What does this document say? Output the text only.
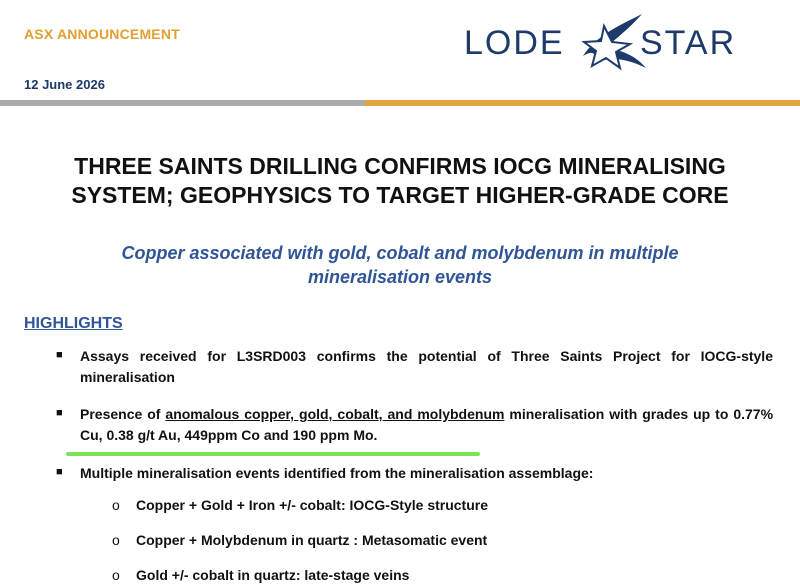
ASX ANNOUNCEMENT
12 June 2026
LODE STAR
THREE SAINTS DRILLING CONFIRMS IOCG MINERALISING
SYSTEM; GEOPHYSICS TO TARGET HIGHER-GRADE CORE
Copper associated with gold, cobalt and molybdenum in multiple
mineralisation events
HIGHLIGHTS
■ Assays received for L3SRD003 confirms the potential of Three Saints Project for IOCG-style mineralisation
■ Presence of anomalous copper, gold, cobalt, and molybdenum mineralisation with grades up to 0.77% Cu, 0.38 g/t Au, 449ppm Co and 190 ppm Mo.
■ Multiple mineralisation events identified from the mineralisation assemblage:
o Copper + Gold + Iron +/- cobalt: IOCG-Style structure
o Copper + Molybdenum in quartz : Metasomatic event
o Gold +/- cobalt in quartz: late-stage veins
